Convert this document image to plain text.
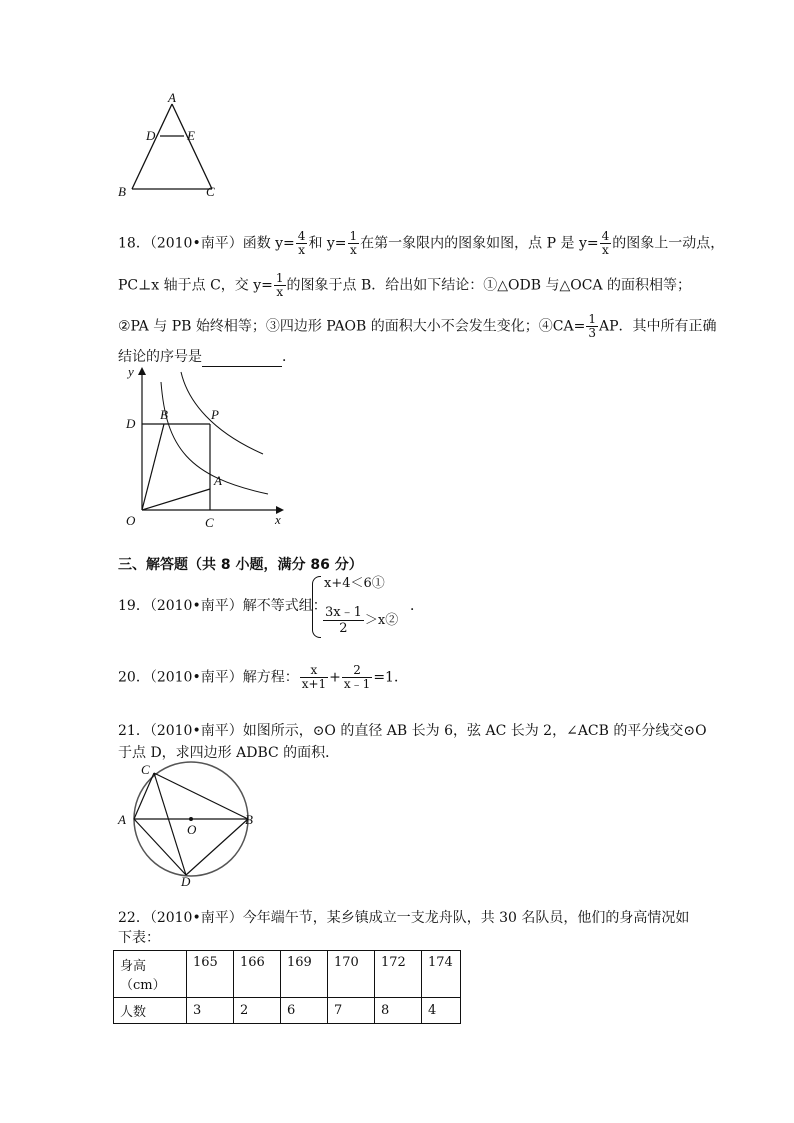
A
D E
B	C
18．（2010•南平）函数 $y= \frac{4}{x}$ 和 $y= \frac{1}{x}$ 在第一象限内的图象如图，点 P 是 $y= \frac{4}{x}$ 的图象上一动点，
PC⊥x 轴于点 C，交 $y= \frac{1}{x}$ 的图象于点 B．给出如下结论：①△ODB 与△OCA 的面积相等；
②PA 与 PB 始终相等；③四边形 PAOB 的面积大小不会发生变化；④CA= $\frac{1}{3}$ AP．其中所有正确
结论的序号是	．
y
D
B	P
A
O	C	x
三、解答题（共 8 小题，满分 86 分）
19．（2010•南平）解不等式组：
x+4＜6①
$\frac{3x﹣1}{2}$ ＞x②
．
20．（2010•南平）解方程： $\frac{x}{x+1} + \frac{2}{x﹣1} =1$．
21．（2010•南平）如图所示，⊙O 的直径 AB 长为 6，弦 AC 长为 2，∠ACB 的平分线交⊙O
于点 D，求四边形 ADBC 的面积．
C
A
O
B
D
22．（2010•南平）今年端午节，某乡镇成立一支龙舟队，共 30 名队员，他们的身高情况如
下表：
身高
（cm）	165	166	169	170	172	174
人数	3	2	6	7	8	4
